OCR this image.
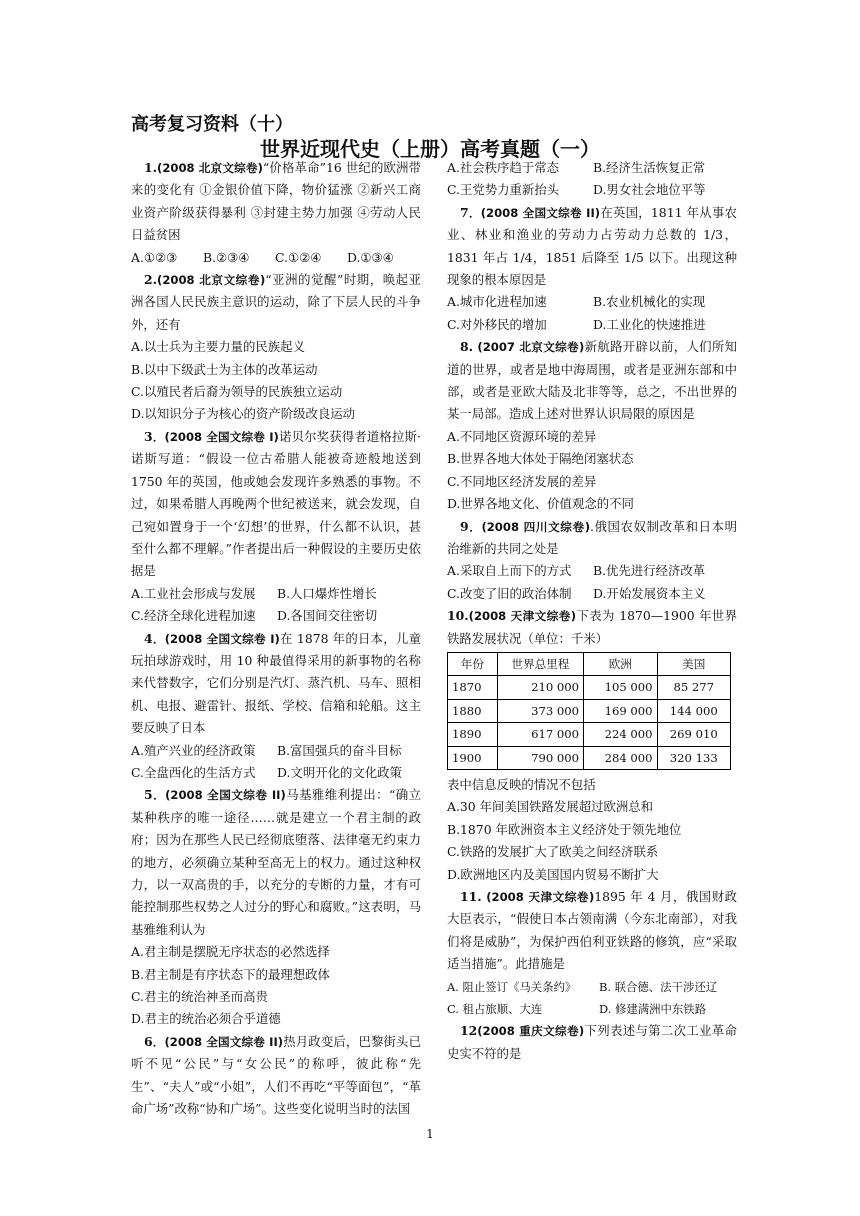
高考复习资料（十）
世界近现代史（上册）高考真题（一）
1.(2008 北京文综卷)“价格革命”16 世纪的欧洲带来的变化有 ①金银价值下降，物价猛涨 ②新兴工商业资产阶级获得暴利 ③封建主势力加强 ④劳动人民日益贫困
A.①②③	B.②③④	C.①②④	D.①③④
2.(2008 北京文综卷)“亚洲的觉醒”时期，唤起亚洲各国人民民族主意识的运动，除了下层人民的斗争外，还有
A.以士兵为主要力量的民族起义
B.以中下级武士为主体的改革运动
C.以殖民者后裔为领导的民族独立运动
D.以知识分子为核心的资产阶级改良运动
3．(2008 全国文综卷 I)诺贝尔奖获得者道格拉斯·诺斯写道：“假设一位古希腊人能被奇迹般地送到 1750 年的英国，他或她会发现许多熟悉的事物。不过，如果希腊人再晚两个世纪被送来，就会发现，自己宛如置身于一个‘幻想’的世界，什么都不认识，甚至什么都不理解。”作者提出后一种假设的主要历史依据是
A.工业社会形成与发展	B.人口爆炸性增长
C.经济全球化进程加速	D.各国间交往密切
4．(2008 全国文综卷 I)在 1878 年的日本，儿童玩拍球游戏时，用 10 种最值得采用的新事物的名称来代替数字，它们分别是汽灯、蒸汽机、马车、照相机、电报、避雷针、报纸、学校、信箱和轮船。这主要反映了日本
A.殖产兴业的经济政策	B.富国强兵的奋斗目标
C.全盘西化的生活方式	D.文明开化的文化政策
5．(2008 全国文综卷 II)马基雅维利提出：“确立某种秩序的唯一途径……就是建立一个君主制的政府；因为在那些人民已经彻底堕落、法律毫无约束力的地方，必须确立某种至高无上的权力。通过这种权力，以一双高贵的手，以充分的专断的力量，才有可能控制那些权势之人过分的野心和腐败。”这表明，马基雅维利认为
A.君主制是摆脱无序状态的必然选择
B.君主制是有序状态下的最理想政体
C.君主的统治神圣而高贵
D.君主的统治必须合乎道德
6．(2008 全国文综卷 II)热月政变后，巴黎街头已听不见“公民”与“女公民”的称呼，彼此称“先生”、“夫人”或“小姐”，人们不再吃“平等面包”，“革命广场”改称“协和广场”。这些变化说明当时的法国
A.社会秩序趋于常态	B.经济生活恢复正常
C.王党势力重新抬头	D.男女社会地位平等
7．(2008 全国文综卷 II)在英国，1811 年从事农业、林业和渔业的劳动力占劳动力总数的 1/3，1831 年占 1/4，1851 后降至 1/5 以下。出现这种现象的根本原因是
A.城市化进程加速	B.农业机械化的实现
C.对外移民的增加	D.工业化的快速推进
8. (2007 北京文综卷)新航路开辟以前，人们所知道的世界，或者是地中海周围，或者是亚洲东部和中部，或者是亚欧大陆及北非等等，总之，不出世界的某一局部。造成上述对世界认识局限的原因是
A.不同地区资源环境的差异
B.世界各地大体处于隔绝闭塞状态
C.不同地区经济发展的差异
D.世界各地文化、价值观念的不同
9．(2008 四川文综卷).俄国农奴制改革和日本明治维新的共同之处是
A.采取自上而下的方式	B.优先进行经济改革
C.改变了旧的政治体制	D.开始发展资本主义
10.(2008 天津文综卷)下表为 1870—1900 年世界铁路发展状况（单位：千米）
年份	世界总里程	欧洲	美国
1870	210 000	105 000	85 277
1880	373 000	169 000	144 000
1890	617 000	224 000	269 010
1900	790 000	284 000	320 133
表中信息反映的情况不包括
A.30 年间美国铁路发展超过欧洲总和
B.1870 年欧洲资本主义经济处于领先地位
C.铁路的发展扩大了欧美之间经济联系
D.欧洲地区内及美国国内贸易不断扩大
11. (2008 天津文综卷)1895 年 4 月，俄国财政大臣表示，“假使日本占领南满（今东北南部），对我们将是威胁”，为保护西伯利亚铁路的修筑，应“采取适当措施”。此措施是
A. 阻止签订《马关条约》	B. 联合德、法干涉还辽
C. 租占旅顺、大连	D. 修建满洲中东铁路
12(2008 重庆文综卷)下列表述与第二次工业革命史实不符的是
1
